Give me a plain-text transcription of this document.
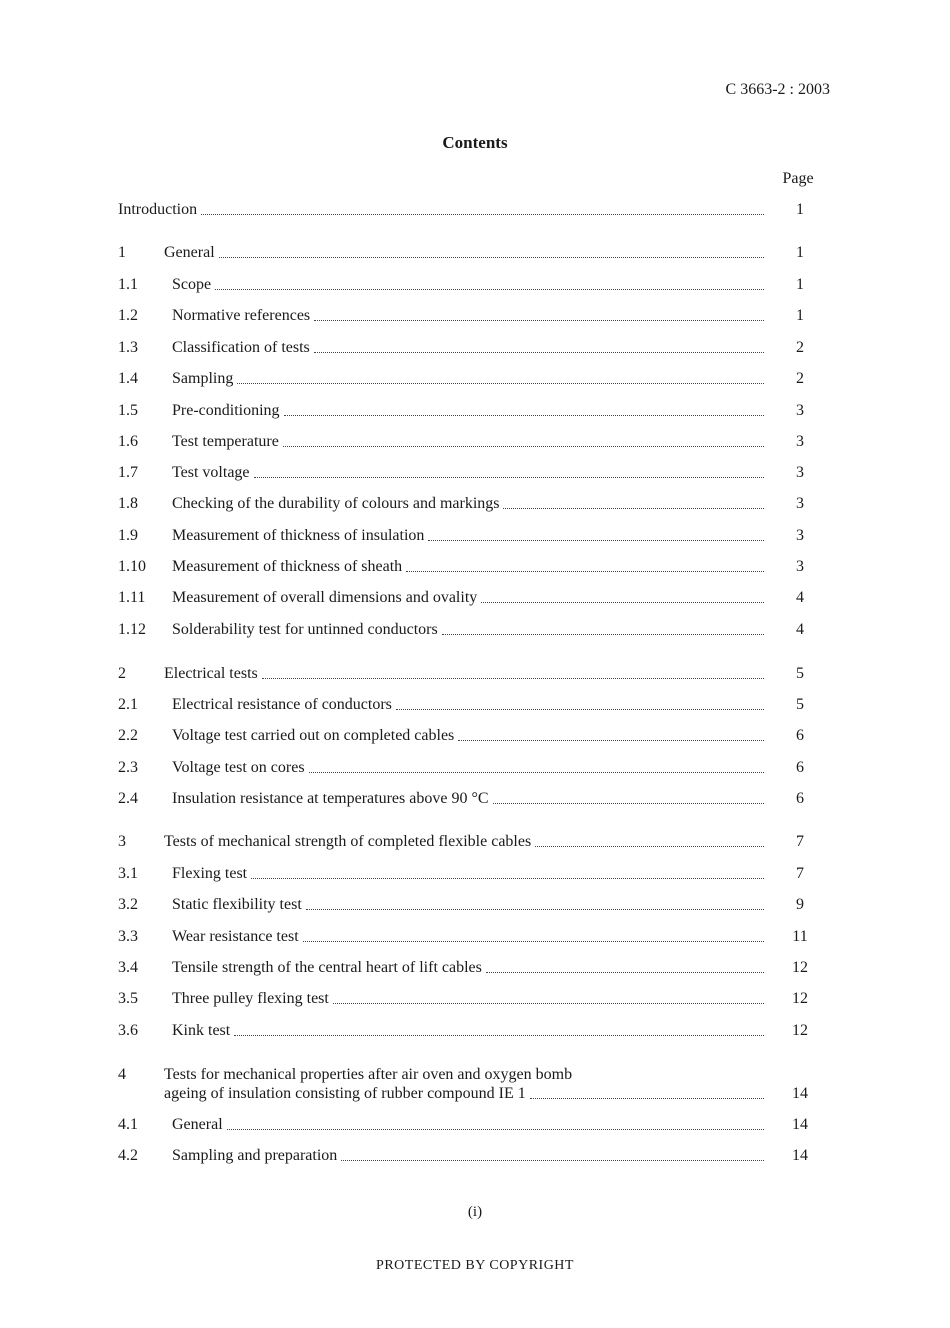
C 3663-2 : 2003
Contents
Page
Introduction	1
1 General	1
1.1 Scope	1
1.2 Normative references	1
1.3 Classification of tests	2
1.4 Sampling	2
1.5 Pre-conditioning	3
1.6 Test temperature	3
1.7 Test voltage	3
1.8 Checking of the durability of colours and markings	3
1.9 Measurement of thickness of insulation	3
1.10 Measurement of thickness of sheath	3
1.11 Measurement of overall dimensions and ovality	4
1.12 Solderability test for untinned conductors	4
2 Electrical tests	5
2.1 Electrical resistance of conductors	5
2.2 Voltage test carried out on completed cables	6
2.3 Voltage test on cores	6
2.4 Insulation resistance at temperatures above 90 °C	6
3 Tests of mechanical strength of completed flexible cables	7
3.1 Flexing test	7
3.2 Static flexibility test	9
3.3 Wear resistance test	11
3.4 Tensile strength of the central heart of lift cables	12
3.5 Three pulley flexing test	12
3.6 Kink test	12
4 Tests for mechanical properties after air oven and oxygen bomb
ageing of insulation consisting of rubber compound IE 1	14
4.1 General	14
4.2 Sampling and preparation	14
(i)
PROTECTED BY COPYRIGHT
